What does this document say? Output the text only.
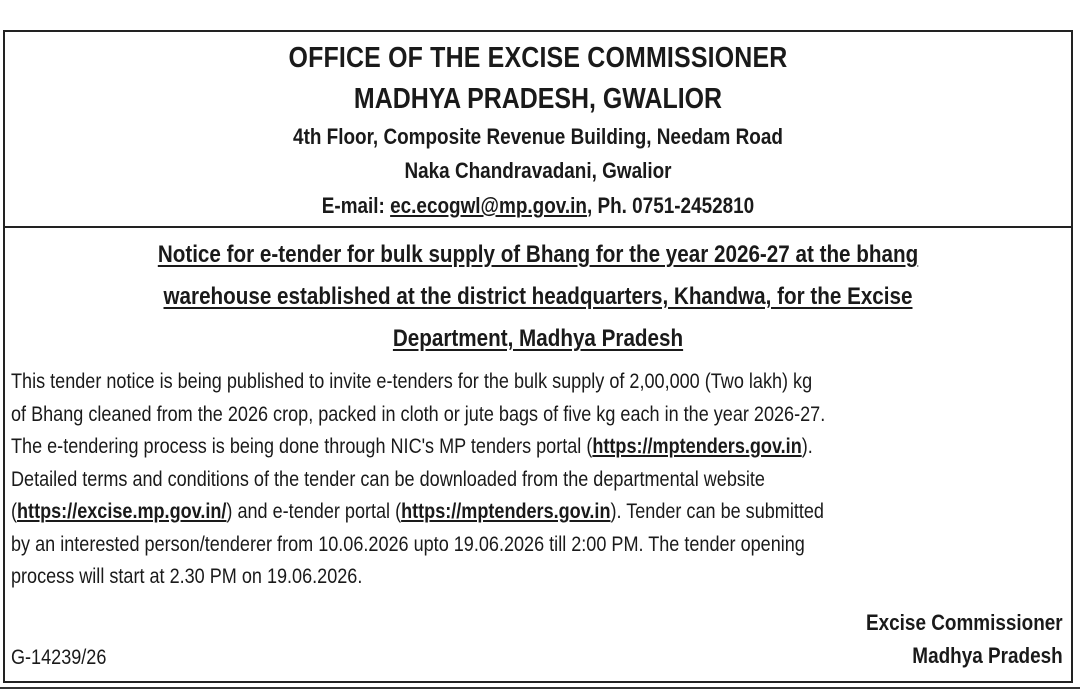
OFFICE OF THE EXCISE COMMISSIONER
MADHYA PRADESH, GWALIOR
4th Floor, Composite Revenue Building, Needam Road
Naka Chandravadani, Gwalior
E-mail: ec.ecogwl@mp.gov.in, Ph. 0751-2452810
Notice for e-tender for bulk supply of Bhang for the year 2026-27 at the bhang
warehouse established at the district headquarters, Khandwa, for the Excise
Department, Madhya Pradesh
This tender notice is being published to invite e-tenders for the bulk supply of 2,00,000 (Two lakh) kg
of Bhang cleaned from the 2026 crop, packed in cloth or jute bags of five kg each in the year 2026-27.
The e-tendering process is being done through NIC's MP tenders portal (https://mptenders.gov.in).
Detailed terms and conditions of the tender can be downloaded from the departmental website
(https://excise.mp.gov.in/) and e-tender portal (https://mptenders.gov.in). Tender can be submitted
by an interested person/tenderer from 10.06.2026 upto 19.06.2026 till 2:00 PM. The tender opening
process will start at 2.30 PM on 19.06.2026.
Excise Commissioner
Madhya Pradesh
G-14239/26
